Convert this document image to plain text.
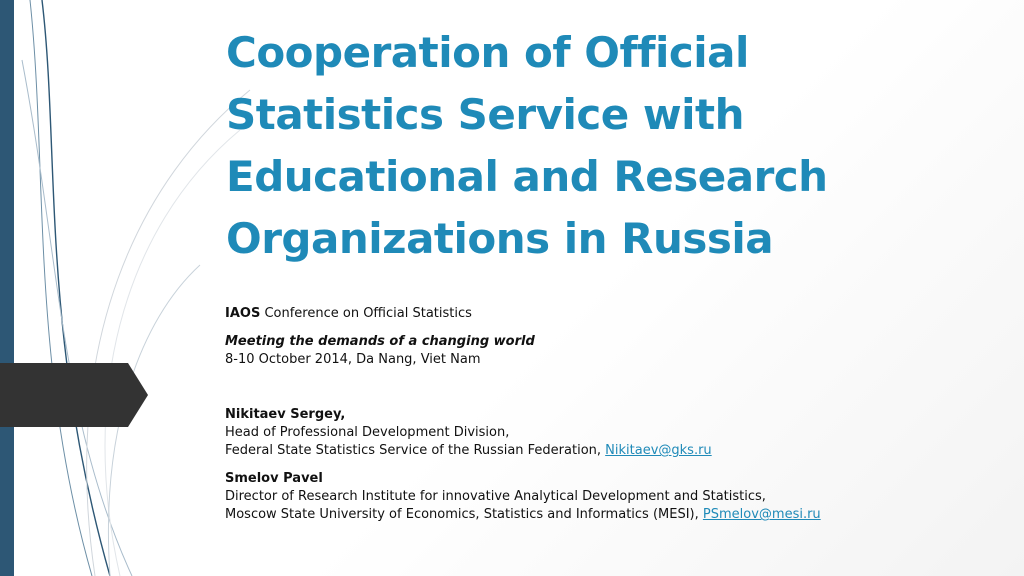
Cooperation of Official
Statistics Service with
Educational and Research
Organizations in Russia

IAOS Conference on Official Statistics

Meeting the demands of a changing world

8-10 October 2014, Da Nang, Viet Nam

Nikitaev Sergey,

Head of Professional Development Division,

Federal State Statistics Service of the Russian Federation, Nikitaev@gks.ru

Smelov Pavel

Director of Research Institute for innovative Analytical Development and Statistics,

Moscow State University of Economics, Statistics and Informatics (MESI), PSmelov@mesi.ru
